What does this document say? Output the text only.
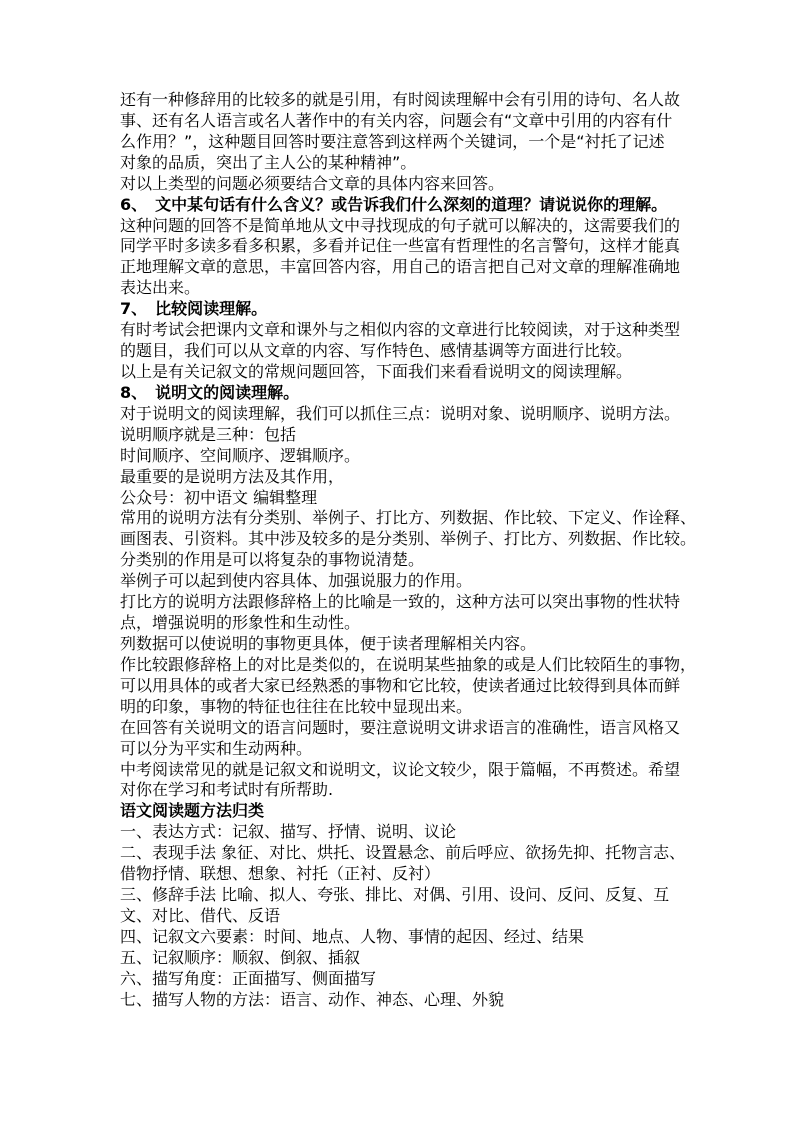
还有一种修辞用的比较多的就是引用，有时阅读理解中会有引用的诗句、名人故
事、还有名人语言或名人著作中的有关内容，问题会有“文章中引用的内容有什
么作用？”，这种题目回答时要注意答到这样两个关键词，一个是“衬托了记述
对象的品质，突出了主人公的某种精神”。
对以上类型的问题必须要结合文章的具体内容来回答。
6、　文中某句话有什么含义？或告诉我们什么深刻的道理？请说说你的理解。
这种问题的回答不是简单地从文中寻找现成的句子就可以解决的，这需要我们的
同学平时多读多看多积累，多看并记住一些富有哲理性的名言警句，这样才能真
正地理解文章的意思，丰富回答内容，用自己的语言把自己对文章的理解准确地
表达出来。
7、　比较阅读理解。
有时考试会把课内文章和课外与之相似内容的文章进行比较阅读，对于这种类型
的题目，我们可以从文章的内容、写作特色、感情基调等方面进行比较。
以上是有关记叙文的常规问题回答，下面我们来看看说明文的阅读理解。
8、　说明文的阅读理解。
对于说明文的阅读理解，我们可以抓住三点：说明对象、说明顺序、说明方法。
说明顺序就是三种：包括
时间顺序、空间顺序、逻辑顺序。
最重要的是说明方法及其作用，
公众号：初中语文 编辑整理
常用的说明方法有分类别、举例子、打比方、列数据、作比较、下定义、作诠释、
画图表、引资料。其中涉及较多的是分类别、举例子、打比方、列数据、作比较。
分类别的作用是可以将复杂的事物说清楚。
举例子可以起到使内容具体、加强说服力的作用。
打比方的说明方法跟修辞格上的比喻是一致的，这种方法可以突出事物的性状特
点，增强说明的形象性和生动性。
列数据可以使说明的事物更具体，便于读者理解相关内容。
作比较跟修辞格上的对比是类似的，在说明某些抽象的或是人们比较陌生的事物，
可以用具体的或者大家已经熟悉的事物和它比较，使读者通过比较得到具体而鲜
明的印象，事物的特征也往往在比较中显现出来。
在回答有关说明文的语言问题时，要注意说明文讲求语言的准确性，语言风格又
可以分为平实和生动两种。
中考阅读常见的就是记叙文和说明文，议论文较少，限于篇幅，不再赘述。希望
对你在学习和考试时有所帮助.
语文阅读题方法归类
一、表达方式：记叙、描写、抒情、说明、议论
二、表现手法 象征、对比、烘托、设置悬念、前后呼应、欲扬先抑、托物言志、
借物抒情、联想、想象、衬托（正衬、反衬）
三、修辞手法 比喻、拟人、夸张、排比、对偶、引用、设问、反问、反复、互
文、对比、借代、反语
四、记叙文六要素：时间、地点、人物、事情的起因、经过、结果
五、记叙顺序：顺叙、倒叙、插叙
六、描写角度：正面描写、侧面描写
七、描写人物的方法：语言、动作、神态、心理、外貌
